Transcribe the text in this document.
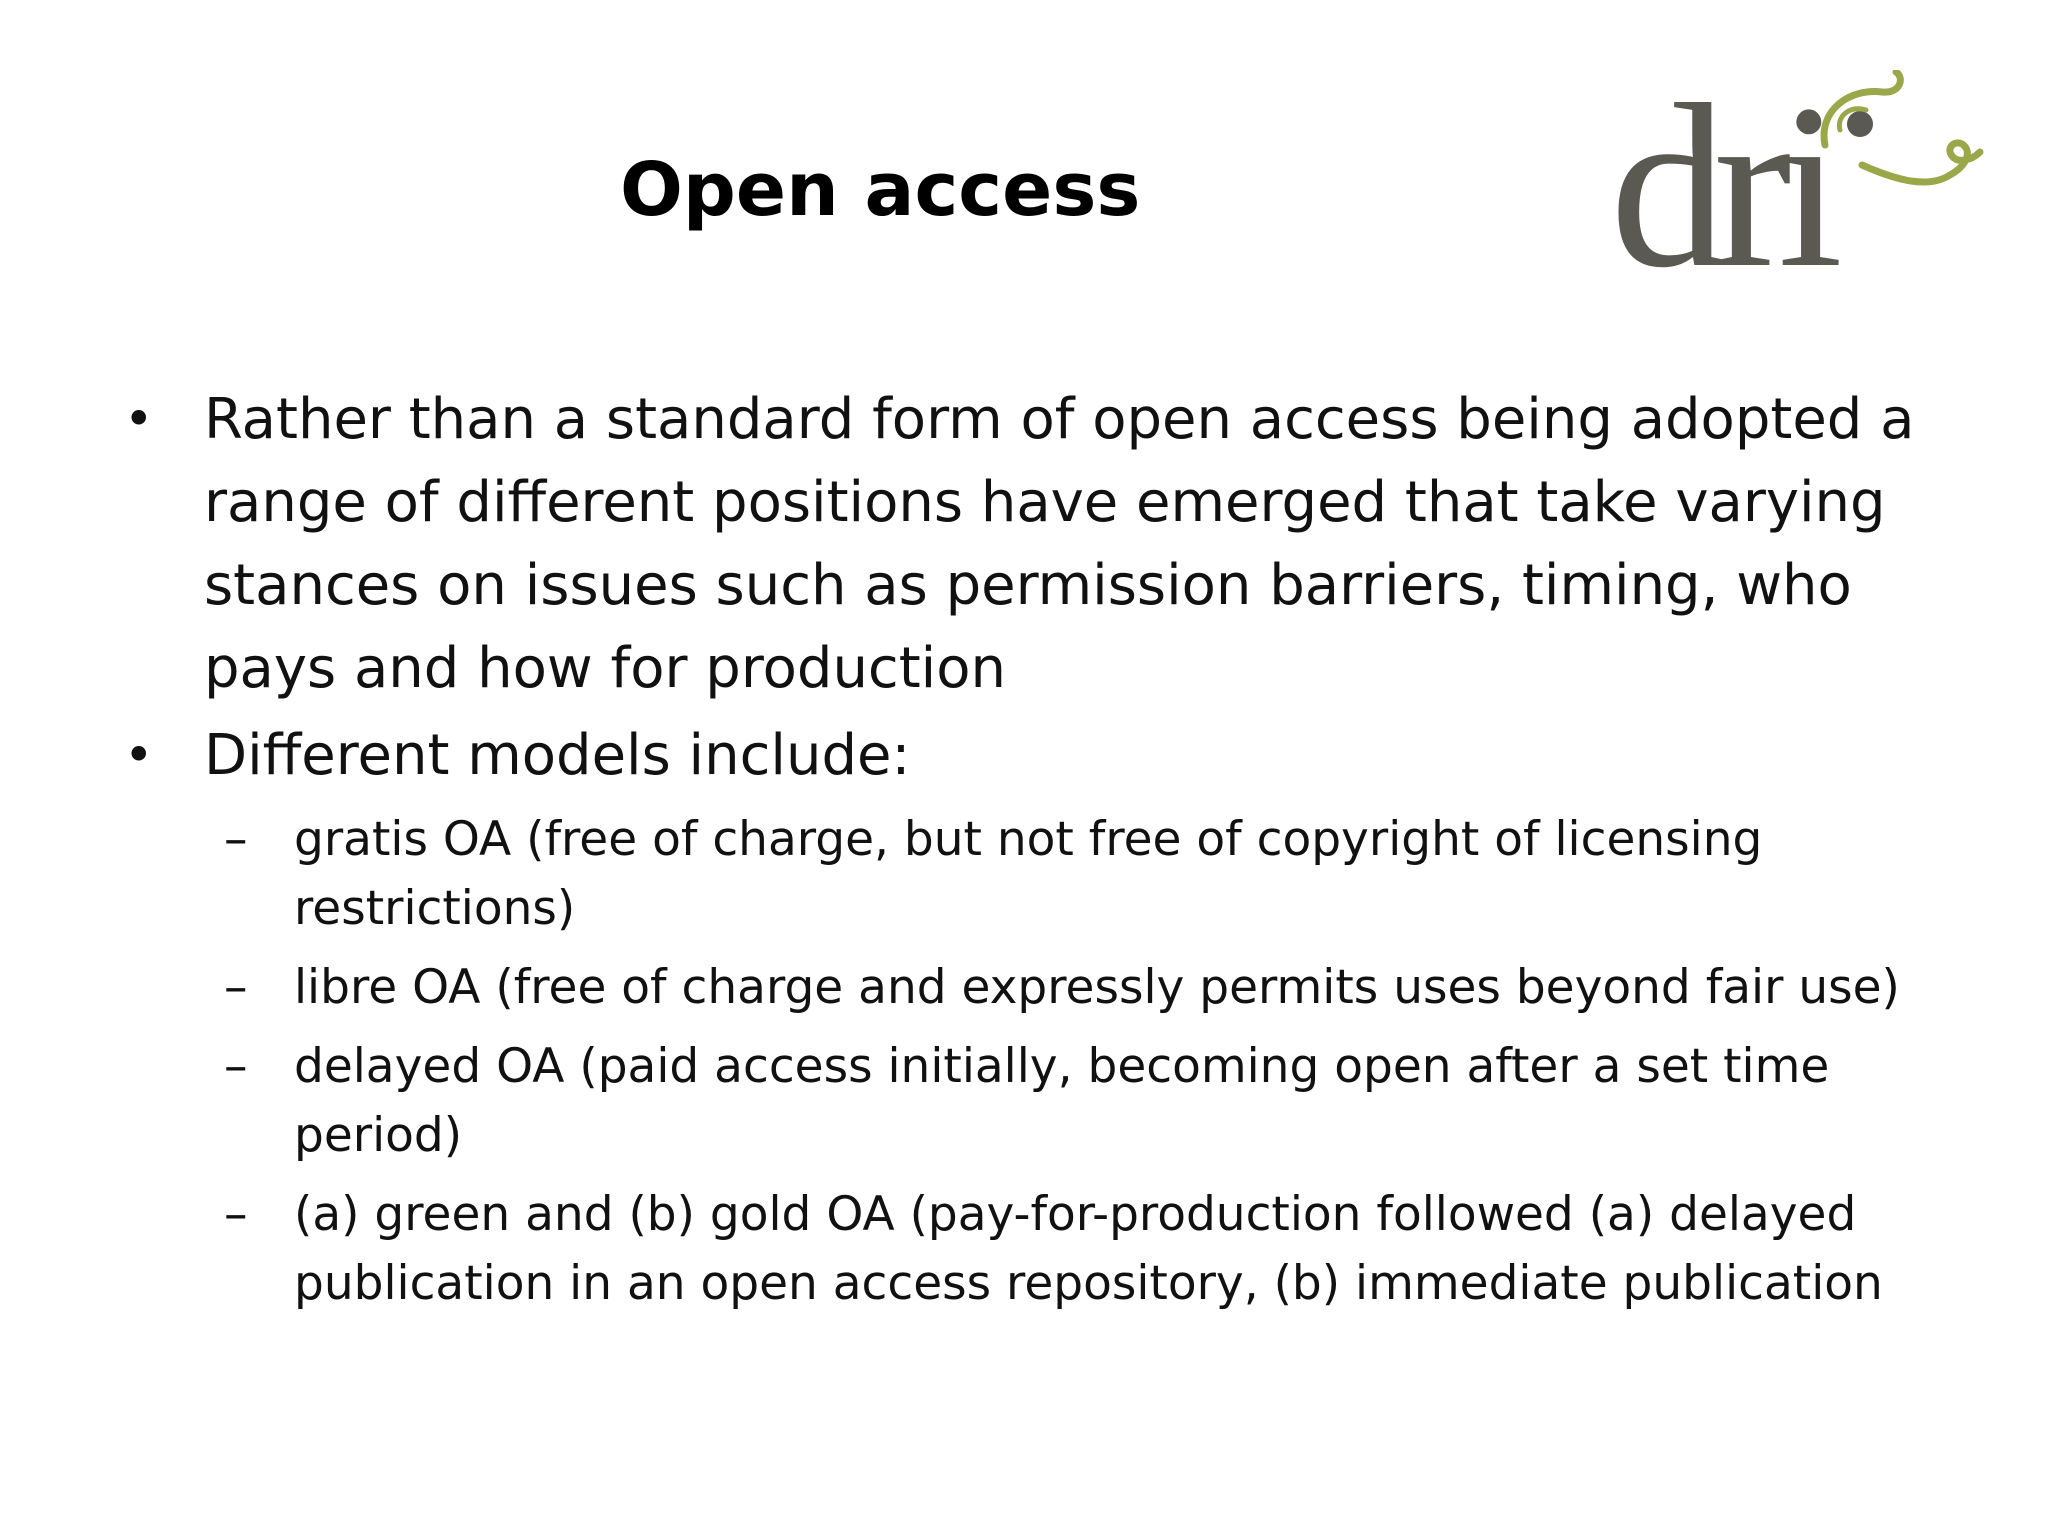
Open access dri
• Rather than a standard form of open access being adopted a range of different positions have emerged that take varying stances on issues such as permission barriers, timing, who pays and how for production
• Different models include:
– gratis OA (free of charge, but not free of copyright of licensing restrictions)
– libre OA (free of charge and expressly permits uses beyond fair use)
– delayed OA (paid access initially, becoming open after a set time period)
– (a) green and (b) gold OA (pay-for-production followed (a) delayed publication in an open access repository, (b) immediate publication
